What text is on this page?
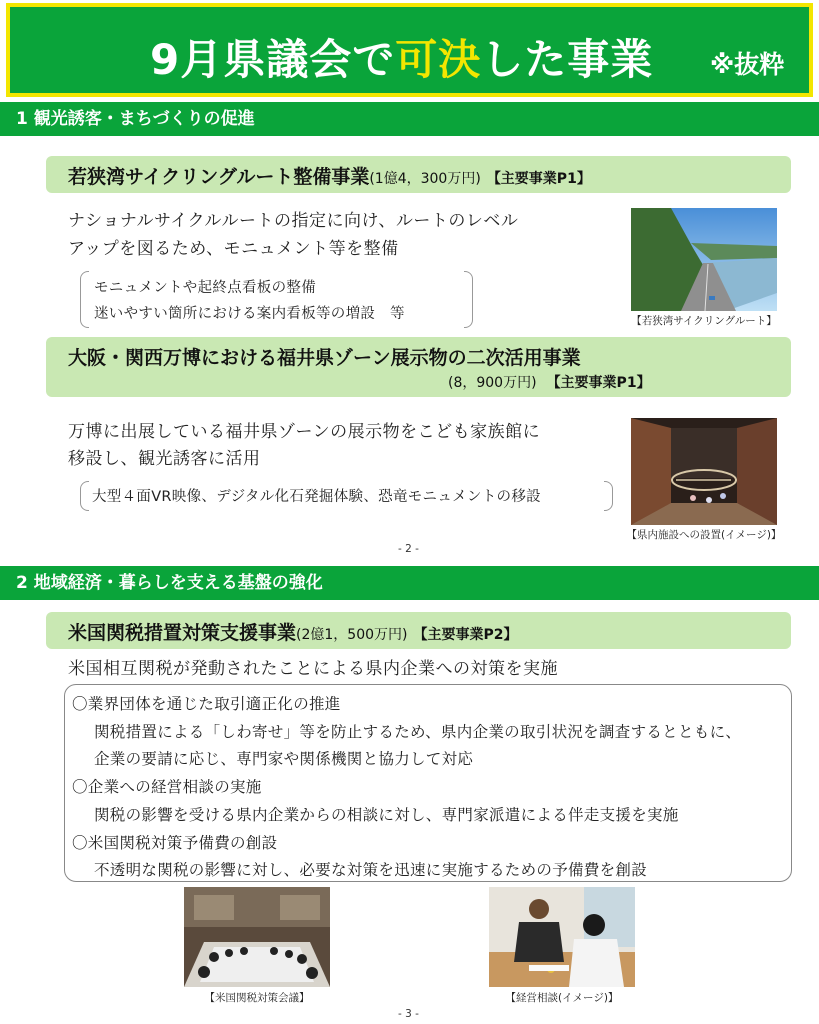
9月県議会で可決した事業 ※抜粋
1 観光誘客・まちづくりの促進
若狭湾サイクリングルート整備事業(1億4，300万円) 【主要事業P1】
ナショナルサイクルルートの指定に向け、ルートのレベル
アップを図るため、モニュメント等を整備
モニュメントや起終点看板の整備
迷いやすい箇所における案内看板等の増設　等	【若狭湾サイクリングルート】
大阪・関西万博における福井県ゾーン展示物の二次活用事業
(8，900万円) 【主要事業P1】
万博に出展している福井県ゾーンの展示物をこども家族館に
移設し、観光誘客に活用
大型４面VR映像、デジタル化石発掘体験、恐竜モニュメントの移設
【県内施設への設置(イメージ)】
- 2 -
2 地域経済・暮らしを支える基盤の強化
米国関税措置対策支援事業(2億1，500万円) 【主要事業P2】
米国相互関税が発動されたことによる県内企業への対策を実施
〇業界団体を通じた取引適正化の推進
関税措置による「しわ寄せ」等を防止するため、県内企業の取引状況を調査するとともに、
企業の要請に応じ、専門家や関係機関と協力して対応
〇企業への経営相談の実施
関税の影響を受ける県内企業からの相談に対し、専門家派遣による伴走支援を実施
〇米国関税対策予備費の創設
不透明な関税の影響に対し、必要な対策を迅速に実施するための予備費を創設
【米国関税対策会議】	【経営相談(イメージ)】
- 3 -
